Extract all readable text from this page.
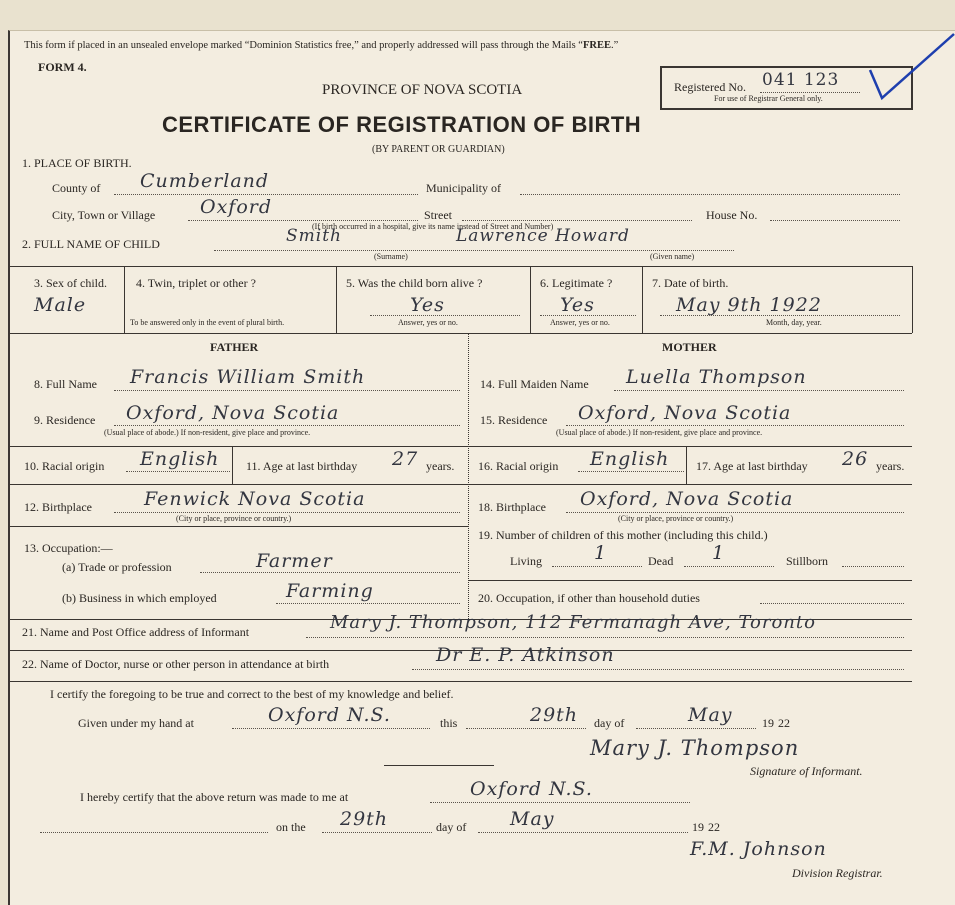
This form if placed in an unsealed envelope marked “Dominion Statistics free,” and properly addressed will pass through the Mails “FREE.”
FORM 4.
PROVINCE OF NOVA SCOTIA
CERTIFICATE OF REGISTRATION OF BIRTH
(BY PARENT OR GUARDIAN)
Registered No. 041 123
For use of Registrar General only.
1. PLACE OF BIRTH.
County of Cumberland	Municipality of
City, Town or Village Oxford	Street	House No.
(If birth occurred in a hospital, give its name instead of Street and Number)
2. FULL NAME OF CHILD	Smith	Lawrence Howard
(Surname)	(Given name)
3. Sex of child.
Male
4. Twin, triplet or other ?
To be answered only in the event of plural birth.
5. Was the child born alive ?
Yes
Answer, yes or no.
6. Legitimate ?
Yes
Answer, yes or no.
7. Date of birth.
May 9th 1922
Month, day, year.
FATHER	MOTHER
8. Full Name Francis William Smith
9. Residence Oxford, Nova Scotia
(Usual place of abode.) If non-resident, give place and province.
10. Racial origin English 11. Age at last birthday 27 years.
12. Birthplace	Fenwick Nova Scotia
(City or place, province or country.)
13. Occupation:—
(a) Trade or profession	Farmer
(b) Business in which employed	Farming
14. Full Maiden Name Luella Thompson
15. Residence Oxford, Nova Scotia
(Usual place of abode.) If non-resident, give place and province.
16. Racial origin English 17. Age at last birthday 26 years.
18. Birthplace Oxford, Nova Scotia
(City or place, province or country.)
19. Number of children of this mother (including this child.)
Living	1	Dead 1	Stillborn
20. Occupation, if other than household duties
21. Name and Post Office address of Informant	Mary J. Thompson, 112 Fermanagh Ave, Toronto
22. Name of Doctor, nurse or other person in attendance at birth	Dr E. P. Atkinson
I certify the foregoing to be true and correct to the best of my knowledge and belief.
Given under my hand at	Oxford N.S.	this	29th day of	May 19 22
Mary J. Thompson
Signature of Informant.
I hereby certify that the above return was made to me at	Oxford N.S.
on the 29th	day of May	19 22
F.M. Johnson
Division Registrar.
